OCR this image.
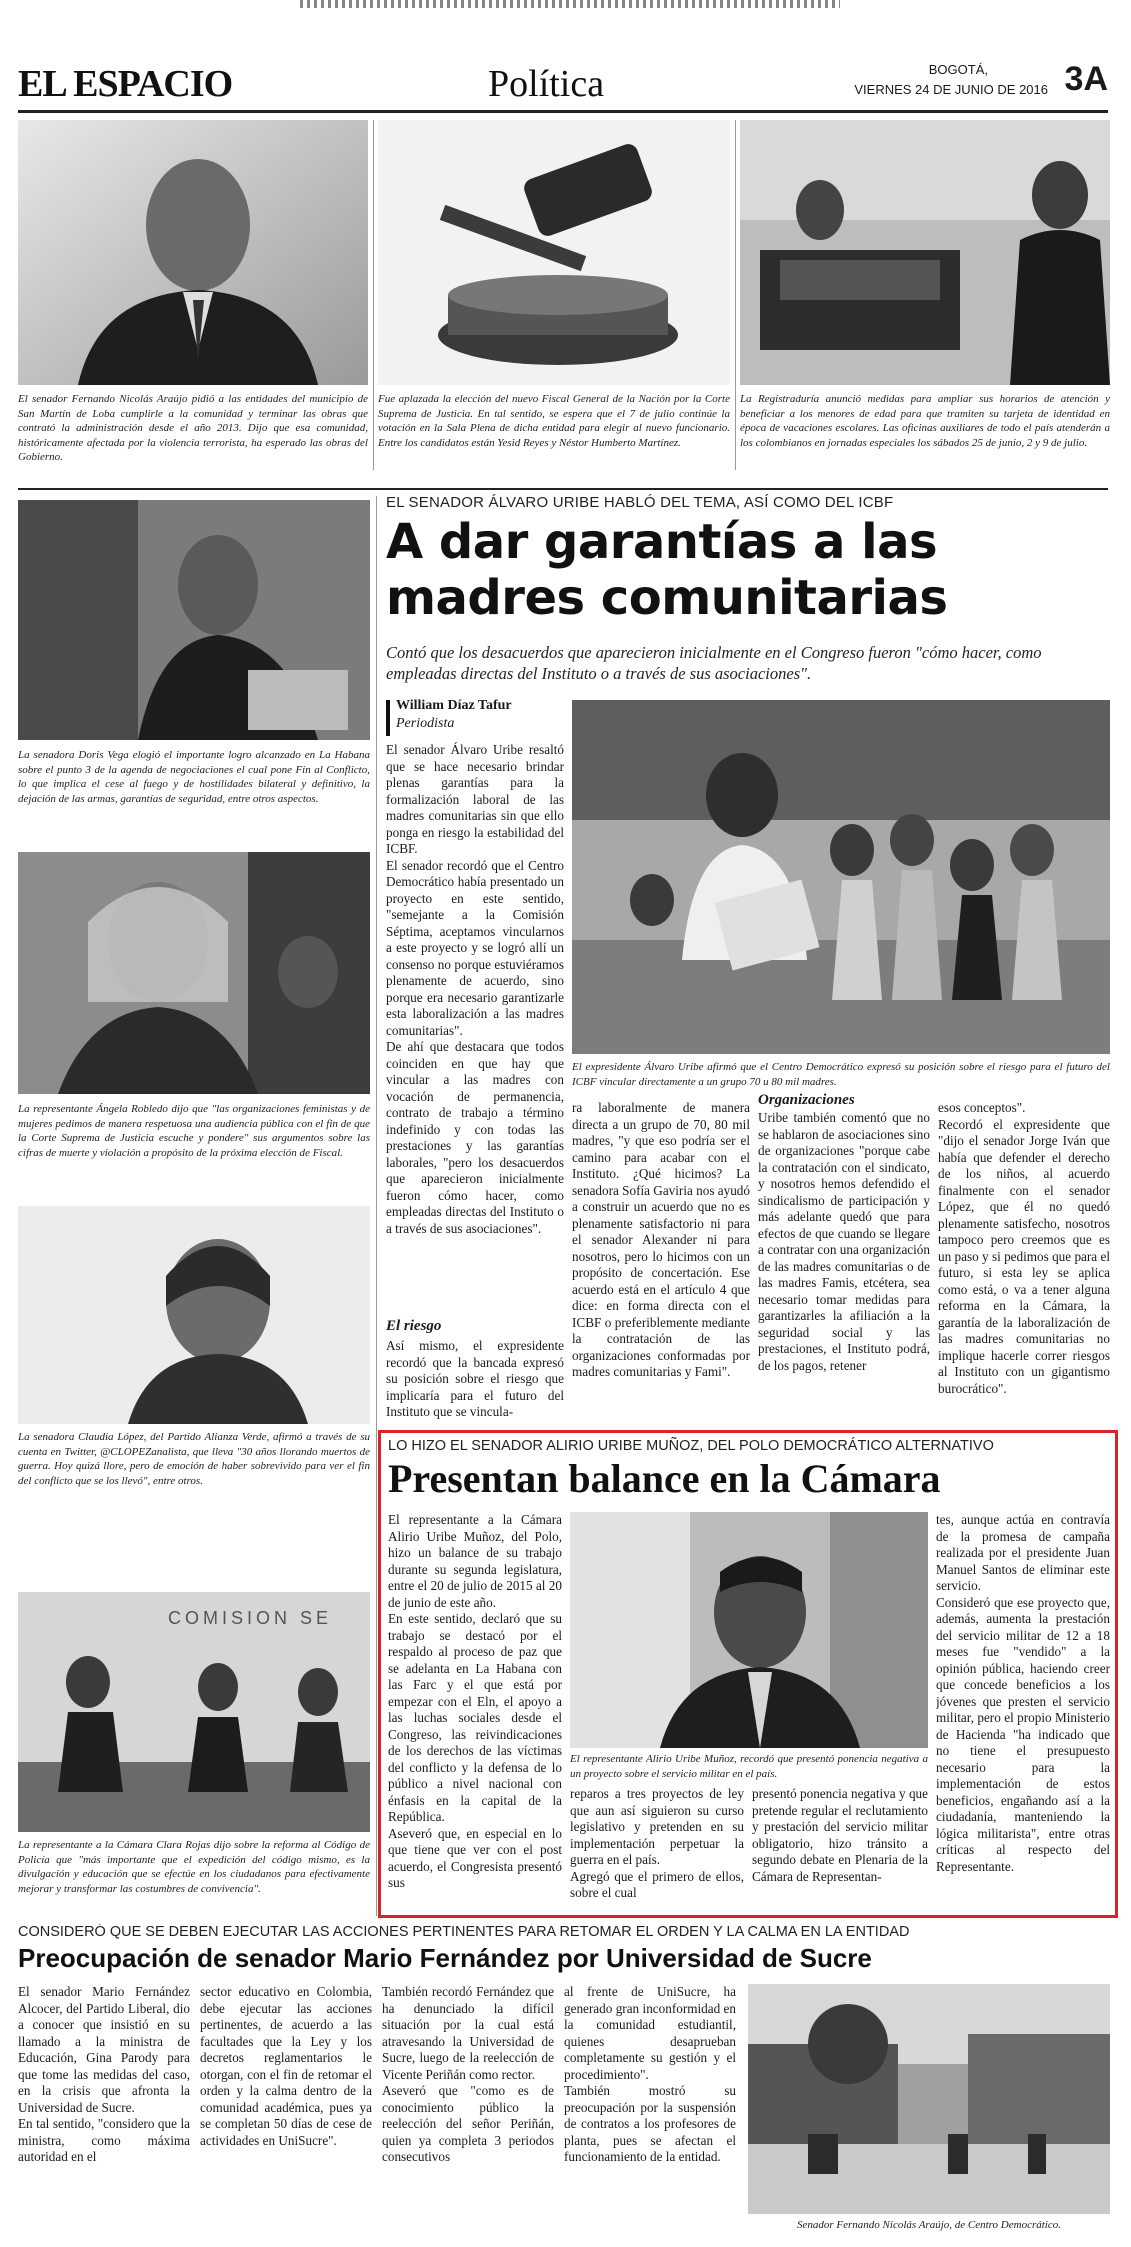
EL ESPACIO	Política	BOGOTÁ,
VIERNES 24 DE JUNIO DE 2016 3A
El senador Fernando Nicolás Araújo pidió a las entidades del municipio de San Martín de Loba cumplirle a la comunidad y terminar las obras que contrató la administración desde el año 2013. Dijo que esa comunidad, históricamente afectada por la violencia terrorista, ha esperado las obras del Gobierno.
Fue aplazada la elección del nuevo Fiscal General de la Nación por la Corte Suprema de Justicia. En tal sentido, se espera que el 7 de julio continúe la votación en la Sala Plena de dicha entidad para elegir al nuevo funcionario. Entre los candidatos están Yesid Reyes y Néstor Humberto Martínez.
La Registraduría anunció medidas para ampliar sus horarios de atención y beneficiar a los menores de edad para que tramiten su tarjeta de identidad en época de vacaciones escolares. Las oficinas auxiliares de todo el país atenderán a los colombianos en jornadas especiales los sábados 25 de junio, 2 y 9 de julio.
La senadora Doris Vega elogió el importante logro alcanzado en La Habana sobre el punto 3 de la agenda de negociaciones el cual pone Fin al Conflicto, lo que implica el cese al fuego y de hostilidades bilateral y definitivo, la dejación de las armas, garantías de seguridad, entre otros aspectos.
La representante Ángela Robledo dijo que "las organizaciones feministas y de mujeres pedimos de manera respetuosa una audiencia pública con el fin de que la Corte Suprema de Justicia escuche y pondere" sus argumentos sobre las cifras de muerte y violación a propósito de la próxima elección de Fiscal.
La senadora Claudia López, del Partido Alianza Verde, afirmó a través de su cuenta en Twitter, @CLOPEZanalista, que lleva "30 años llorando muertos de guerra. Hoy quizá llore, pero de emoción de haber sobrevivido para ver el fin del conflicto que se los llevó", entre otros.
COMISION SE
La representante a la Cámara Clara Rojas dijo sobre la reforma al Código de Policía que "más importante que el expedición del código mismo, es la divulgación y educación que se efectúe en los ciudadanos para efectivamente mejorar y transformar las costumbres de convivencia".
EL SENADOR ÁLVARO URIBE HABLÓ DEL TEMA, ASÍ COMO DEL ICBF
A dar garantías a las madres comunitarias
Contó que los desacuerdos que aparecieron inicialmente en el Congreso fueron "cómo hacer, como empleadas directas del Instituto o a través de sus asociaciones".
William Díaz Tafur
Periodista
El senador Álvaro Uribe resaltó que se hace necesario brindar plenas garantías para la formalización laboral de las madres comunitarias sin que ello ponga en riesgo la estabilidad del ICBF.
El senador recordó que el Centro Democrático había presentado un proyecto en este sentido, "semejante a la Comisión Séptima, aceptamos vincularnos a este proyecto y se logró allí un consenso no porque estuviéramos plenamente de acuerdo, sino porque era necesario garantizarle esta laboralización a las madres comunitarias".
De ahí que destacara que todos coinciden en que hay que vincular a las madres con vocación de permanencia, contrato de trabajo a término indefinido y con todas las prestaciones y las garantías laborales, "pero los desacuerdos que aparecieron inicialmente fueron cómo hacer, como empleadas directas del Instituto o a través de sus asociaciones".
El riesgo
Así mismo, el expresidente recordó que la bancada expresó su posición sobre el riesgo que implicaría para el futuro del Instituto que se vincula-
El expresidente Álvaro Uribe afirmó que el Centro Democrático expresó su posición sobre el riesgo para el futuro del ICBF vincular directamente a un grupo 70 u 80 mil madres.
ra laboralmente de manera directa a un grupo de 70, 80 mil madres, "y que eso podría ser el camino para acabar con el Instituto. ¿Qué hicimos? La senadora Sofía Gaviria nos ayudó a construir un acuerdo que no es plenamente satisfactorio ni para el senador Alexander ni para nosotros, pero lo hicimos con un propósito de concertación. Ese acuerdo está en el artículo 4 que dice: en forma directa con el ICBF o preferiblemente mediante la contratación de las organizaciones conformadas por madres comunitarias y Fami".
Organizaciones
Uribe también comentó que no se hablaron de asociaciones sino de organizaciones "porque cabe la contratación con el sindicato, y nosotros hemos defendido el sindicalismo de participación y más adelante quedó que para efectos de que cuando se llegare a contratar con una organización de las madres comunitarias o de las madres Famis, etcétera, sea necesario tomar medidas para garantizarles la afiliación a la seguridad social y las prestaciones, el Instituto podrá, de los pagos, retener
esos conceptos".
Recordó el expresidente que "dijo el senador Jorge Iván que había que defender el derecho de los niños, al acuerdo finalmente con el senador López, que él no quedó plenamente satisfecho, nosotros tampoco pero creemos que es un paso y si pedimos que para el futuro, si esta ley se aplica como está, o va a tener alguna reforma en la Cámara, la garantía de la laboralización de las madres comunitarias no implique hacerle correr riesgos al Instituto con un gigantismo burocrático".
LO HIZO EL SENADOR ALIRIO URIBE MUÑOZ, DEL POLO DEMOCRÁTICO ALTERNATIVO
Presentan balance en la Cámara
El representante a la Cámara Alirio Uribe Muñoz, del Polo, hizo un balance de su trabajo durante su segunda legislatura, entre el 20 de julio de 2015 al 20 de junio de este año.
En este sentido, declaró que su trabajo se destacó por el respaldo al proceso de paz que se adelanta en La Habana con las Farc y el que está por empezar con el Eln, el apoyo a las luchas sociales desde el Congreso, las reivindicaciones de los derechos de las víctimas del conflicto y la defensa de lo público a nivel nacional con énfasis en la capital de la República.
Aseveró que, en especial en lo que tiene que ver con el post acuerdo, el Congresista presentó sus
El representante Alirio Uribe Muñoz, recordó que presentó ponencia negativa a un proyecto sobre el servicio militar en el país.
reparos a tres proyectos de ley que aun así siguieron su curso legislativo y pretenden en su implementación perpetuar la guerra en el país.
Agregó que el primero de ellos, sobre el cual
presentó ponencia negativa y que pretende regular el reclutamiento y prestación del servicio militar obligatorio, hizo tránsito a segundo debate en Plenaria de la Cámara de Representan-
tes, aunque actúa en contravía de la promesa de campaña realizada por el presidente Juan Manuel Santos de eliminar este servicio.
Consideró que ese proyecto que, además, aumenta la prestación del servicio militar de 12 a 18 meses fue "vendido" a la opinión pública, haciendo creer que concede beneficios a los jóvenes que presten el servicio militar, pero el propio Ministerio de Hacienda "ha indicado que no tiene el presupuesto necesario para la implementación de estos beneficios, engañando así a la ciudadanía, manteniendo la lógica militarista", entre otras críticas al respecto del Representante.
CONSIDERÓ QUE SE DEBEN EJECUTAR LAS ACCIONES PERTINENTES PARA RETOMAR EL ORDEN Y LA CALMA EN LA ENTIDAD
Preocupación de senador Mario Fernández por Universidad de Sucre
El senador Mario Fernández Alcocer, del Partido Liberal, dio a conocer que insistió en su llamado a la ministra de Educación, Gina Parody para que tome las medidas del caso, en la crisis que afronta la Universidad de Sucre.
En tal sentido, "considero que la ministra, como máxima autoridad en el
sector educativo en Colombia, debe ejecutar las acciones pertinentes, de acuerdo a las facultades que la Ley y los decretos reglamentarios le otorgan, con el fin de retomar el orden y la calma dentro de la comunidad académica, pues ya se completan 50 días de cese de actividades en UniSucre".
También recordó Fernández que ha denunciado la difícil situación por la cual está atravesando la Universidad de Sucre, luego de la reelección de Vicente Periñán como rector.
Aseveró que "como es de conocimiento público la reelección del señor Periñán, quien ya completa 3 periodos consecutivos
al frente de UniSucre, ha generado gran inconformidad en la comunidad estudiantil, quienes desaprueban completamente su gestión y el procedimiento".
También mostró su preocupación por la suspensión de contratos a los profesores de planta, pues se afectan el funcionamiento de la entidad.
Senador Fernando Nicolás Araújo, de Centro Democrático.
